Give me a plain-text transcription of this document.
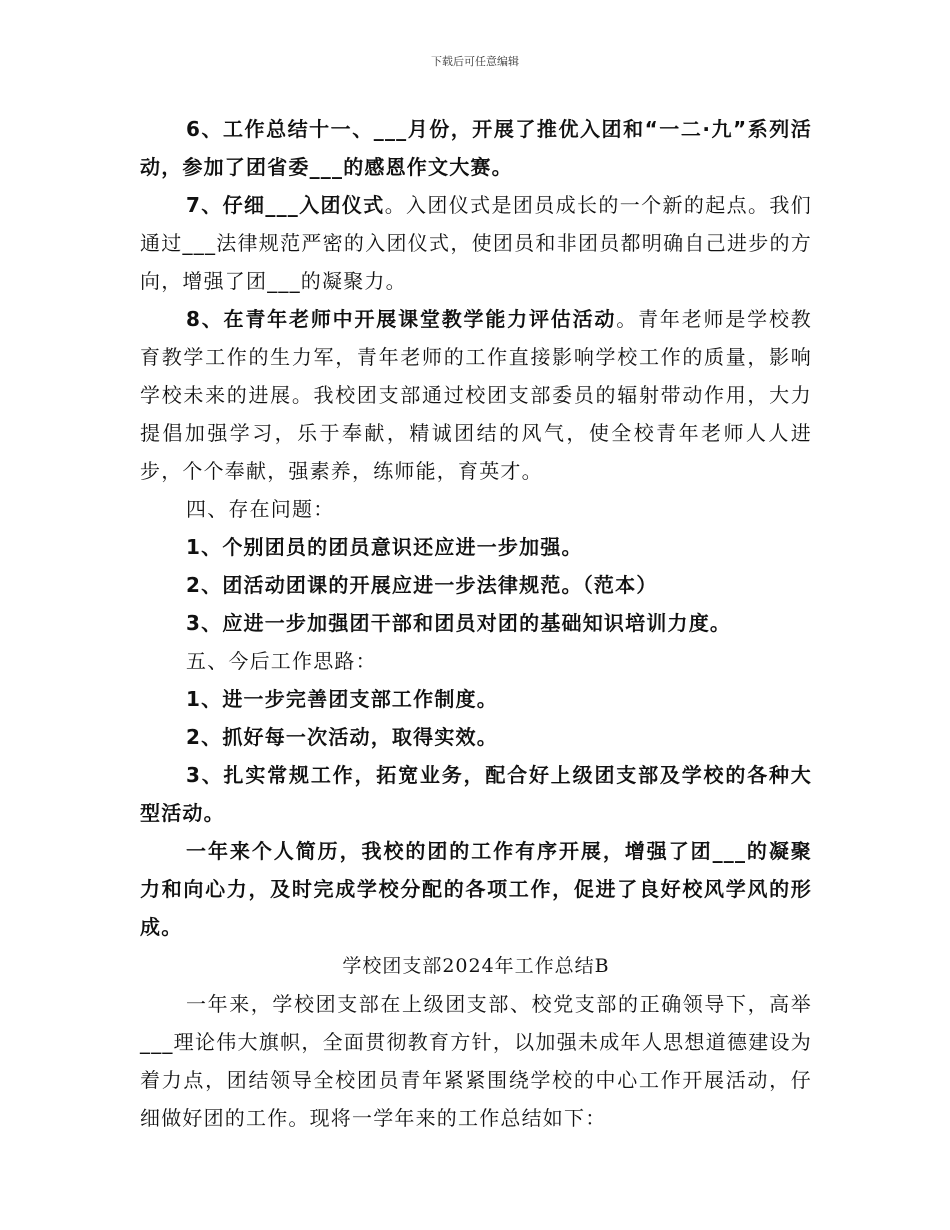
下载后可任意编辑

6、工作总结十一、___月份，开展了推优入团和“一二·九”系列活动，参加了团省委___的感恩作文大赛。

7、仔细___入团仪式。入团仪式是团员成长的一个新的起点。我们通过___法律规范严密的入团仪式，使团员和非团员都明确自己进步的方向，增强了团___的凝聚力。

8、在青年老师中开展课堂教学能力评估活动。青年老师是学校教育教学工作的生力军，青年老师的工作直接影响学校工作的质量，影响学校未来的进展。我校团支部通过校团支部委员的辐射带动作用，大力提倡加强学习，乐于奉献，精诚团结的风气，使全校青年老师人人进步，个个奉献，强素养，练师能，育英才。

四、存在问题：

1、个别团员的团员意识还应进一步加强。

2、团活动团课的开展应进一步法律规范。（范本）

3、应进一步加强团干部和团员对团的基础知识培训力度。

五、今后工作思路：

1、进一步完善团支部工作制度。

2、抓好每一次活动，取得实效。

3、扎实常规工作，拓宽业务，配合好上级团支部及学校的各种大型活动。

一年来个人简历，我校的团的工作有序开展，增强了团___的凝聚力和向心力，及时完成学校分配的各项工作，促进了良好校风学风的形成。

学校团支部2024年工作总结B

一年来，学校团支部在上级团支部、校党支部的正确领导下，高举___理论伟大旗帜，全面贯彻教育方针，以加强未成年人思想道德建设为着力点，团结领导全校团员青年紧紧围绕学校的中心工作开展活动，仔细做好团的工作。现将一学年来的工作总结如下：
